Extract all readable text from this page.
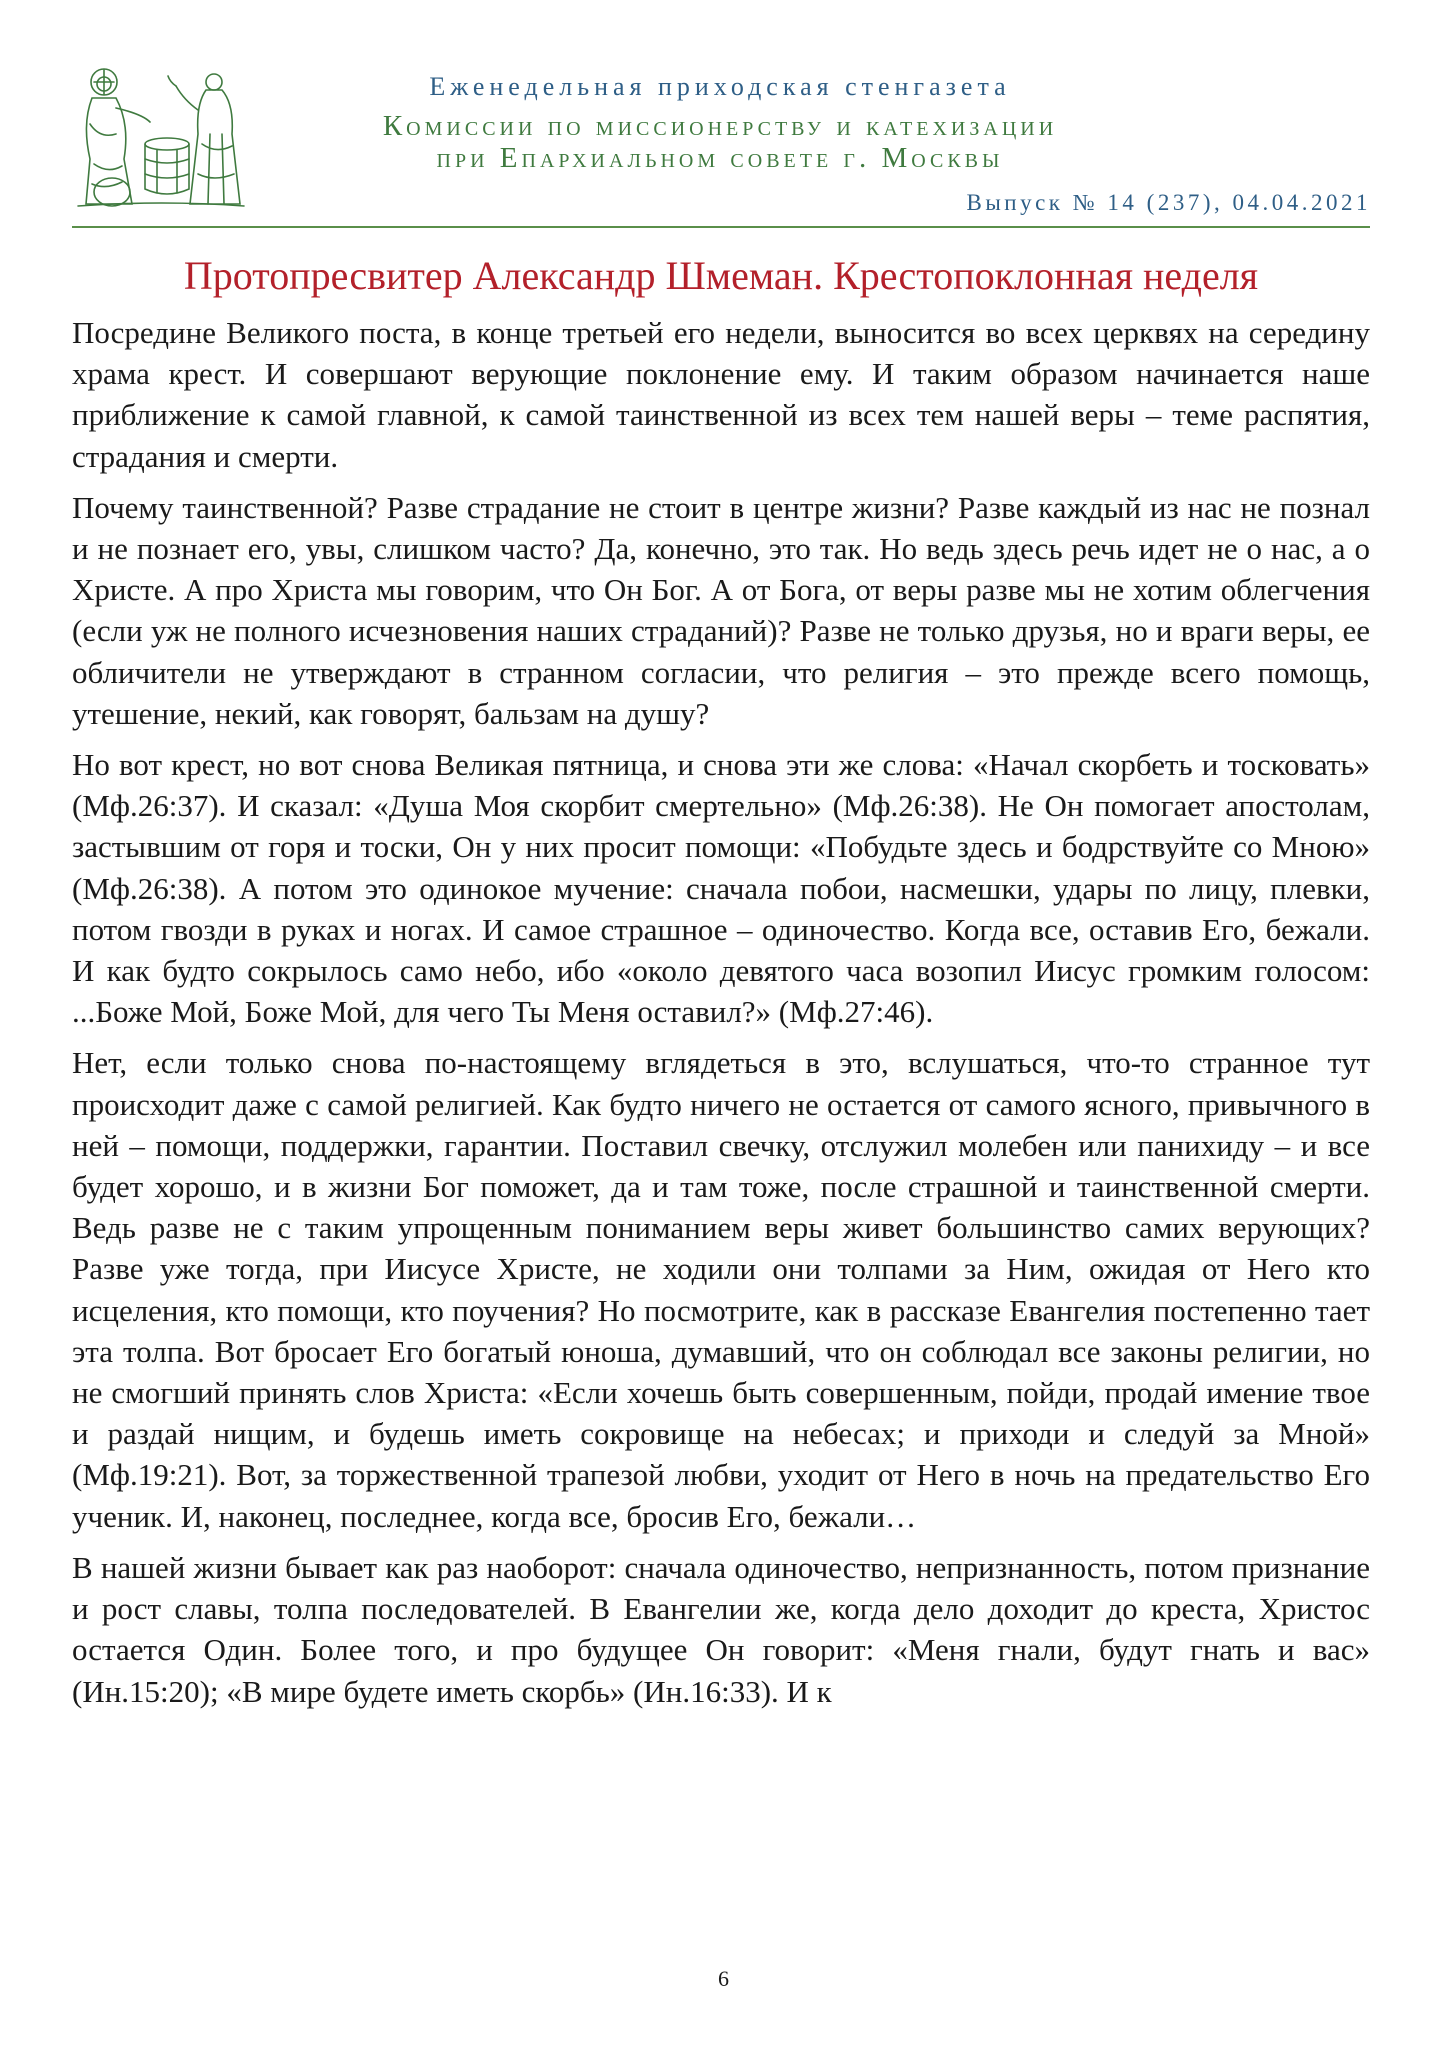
Еженедельная приходская стенгазета
Комиссии по миссионерству и катехизации
при Епархиальном совете г. Москвы
Выпуск № 14 (237), 04.04.2021
Протопресвитер Александр Шмеман. Крестопоклонная неделя

Посредине Великого поста, в конце третьей его недели, выносится во всех церквях на середину храма крест. И совершают верующие поклонение ему. И таким образом начинается наше приближение к самой главной, к самой таинственной из всех тем нашей веры – теме распятия, страдания и смерти.

Почему таинственной? Разве страдание не стоит в центре жизни? Разве каждый из нас не познал и не познает его, увы, слишком часто? Да, конечно, это так. Но ведь здесь речь идет не о нас, а о Христе. А про Христа мы говорим, что Он Бог. А от Бога, от веры разве мы не хотим облегчения (если уж не полного исчезновения наших страданий)? Разве не только друзья, но и враги веры, ее обличители не утверждают в странном согласии, что религия – это прежде всего помощь, утешение, некий, как говорят, бальзам на душу?

Но вот крест, но вот снова Великая пятница, и снова эти же слова: «Начал скорбеть и тосковать» (Мф.26:37). И сказал: «Душа Моя скорбит смертельно» (Мф.26:38). Не Он помогает апостолам, застывшим от горя и тоски, Он у них просит помощи: «Побудьте здесь и бодрствуйте со Мною» (Мф.26:38). А потом это одинокое мучение: сначала побои, насмешки, удары по лицу, плевки, потом гвозди в руках и ногах. И самое страшное – одиночество. Когда все, оставив Его, бежали. И как будто сокрылось само небо, ибо «около девятого часа возопил Иисус громким голосом: ...Боже Мой, Боже Мой, для чего Ты Меня оставил?» (Мф.27:46).

Нет, если только снова по-настоящему вглядеться в это, вслушаться, что-то странное тут происходит даже с самой религией. Как будто ничего не остается от самого ясного, привычного в ней – помощи, поддержки, гарантии. Поставил свечку, отслужил молебен или панихиду – и все будет хорошо, и в жизни Бог поможет, да и там тоже, после страшной и таинственной смерти. Ведь разве не с таким упрощенным пониманием веры живет большинство самих верующих? Разве уже тогда, при Иисусе Христе, не ходили они толпами за Ним, ожидая от Него кто исцеления, кто помощи, кто поучения? Но посмотрите, как в рассказе Евангелия постепенно тает эта толпа. Вот бросает Его богатый юноша, думавший, что он соблюдал все законы религии, но не смогший принять слов Христа: «Если хочешь быть совершенным, пойди, продай имение твое и раздай нищим, и будешь иметь сокровище на небесах; и приходи и следуй за Мной» (Мф.19:21). Вот, за торжественной трапезой любви, уходит от Него в ночь на предательство Его ученик. И, наконец, последнее, когда все, бросив Его, бежали…

В нашей жизни бывает как раз наоборот: сначала одиночество, непризнанность, потом признание и рост славы, толпа последователей. В Евангелии же, когда дело доходит до креста, Христос остается Один. Более того, и про будущее Он говорит: «Меня гнали, будут гнать и вас» (Ин.15:20); «В мире будете иметь скорбь» (Ин.16:33). И к

6
